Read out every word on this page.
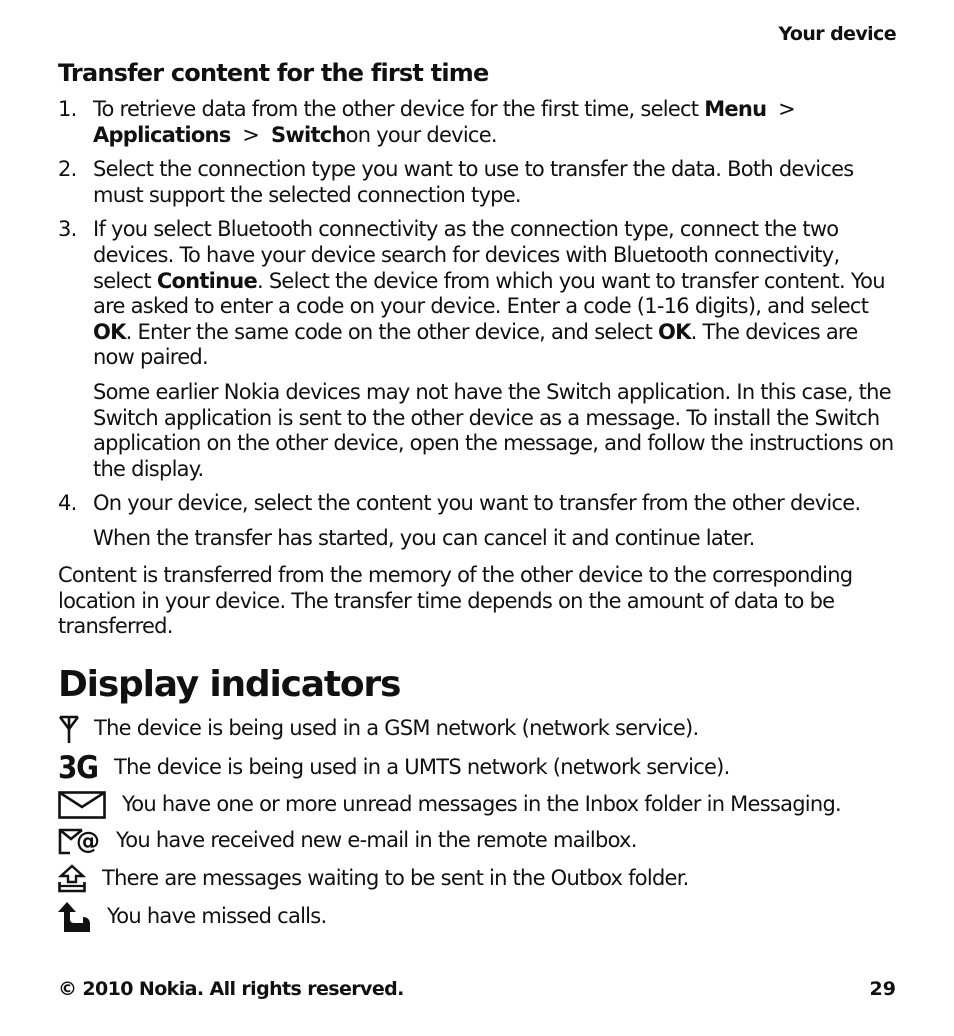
Your device
Transfer content for the first time
1. To retrieve data from the other device for the first time, select Menu  >
Applications  >  Switchon your device.

2. Select the connection type you want to use to transfer the data. Both devices must support the selected connection type.

3. If you select Bluetooth connectivity as the connection type, connect the two devices. To have your device search for devices with Bluetooth connectivity, select Continue. Select the device from which you want to transfer content. You are asked to enter a code on your device. Enter a code (1-16 digits), and select OK. Enter the same code on the other device, and select OK. The devices are now paired.

Some earlier Nokia devices may not have the Switch application. In this case, the Switch application is sent to the other device as a message. To install the Switch application on the other device, open the message, and follow the instructions on the display.

4. On your device, select the content you want to transfer from the other device.

When the transfer has started, you can cancel it and continue later.

Content is transferred from the memory of the other device to the corresponding location in your device. The transfer time depends on the amount of data to be transferred.

Display indicators
The device is being used in a GSM network (network service).
3G The device is being used in a UMTS network (network service).
You have one or more unread messages in the Inbox folder in Messaging.
@ You have received new e-mail in the remote mailbox.
There are messages waiting to be sent in the Outbox folder.
You have missed calls.
© 2010 Nokia. All rights reserved.	29
